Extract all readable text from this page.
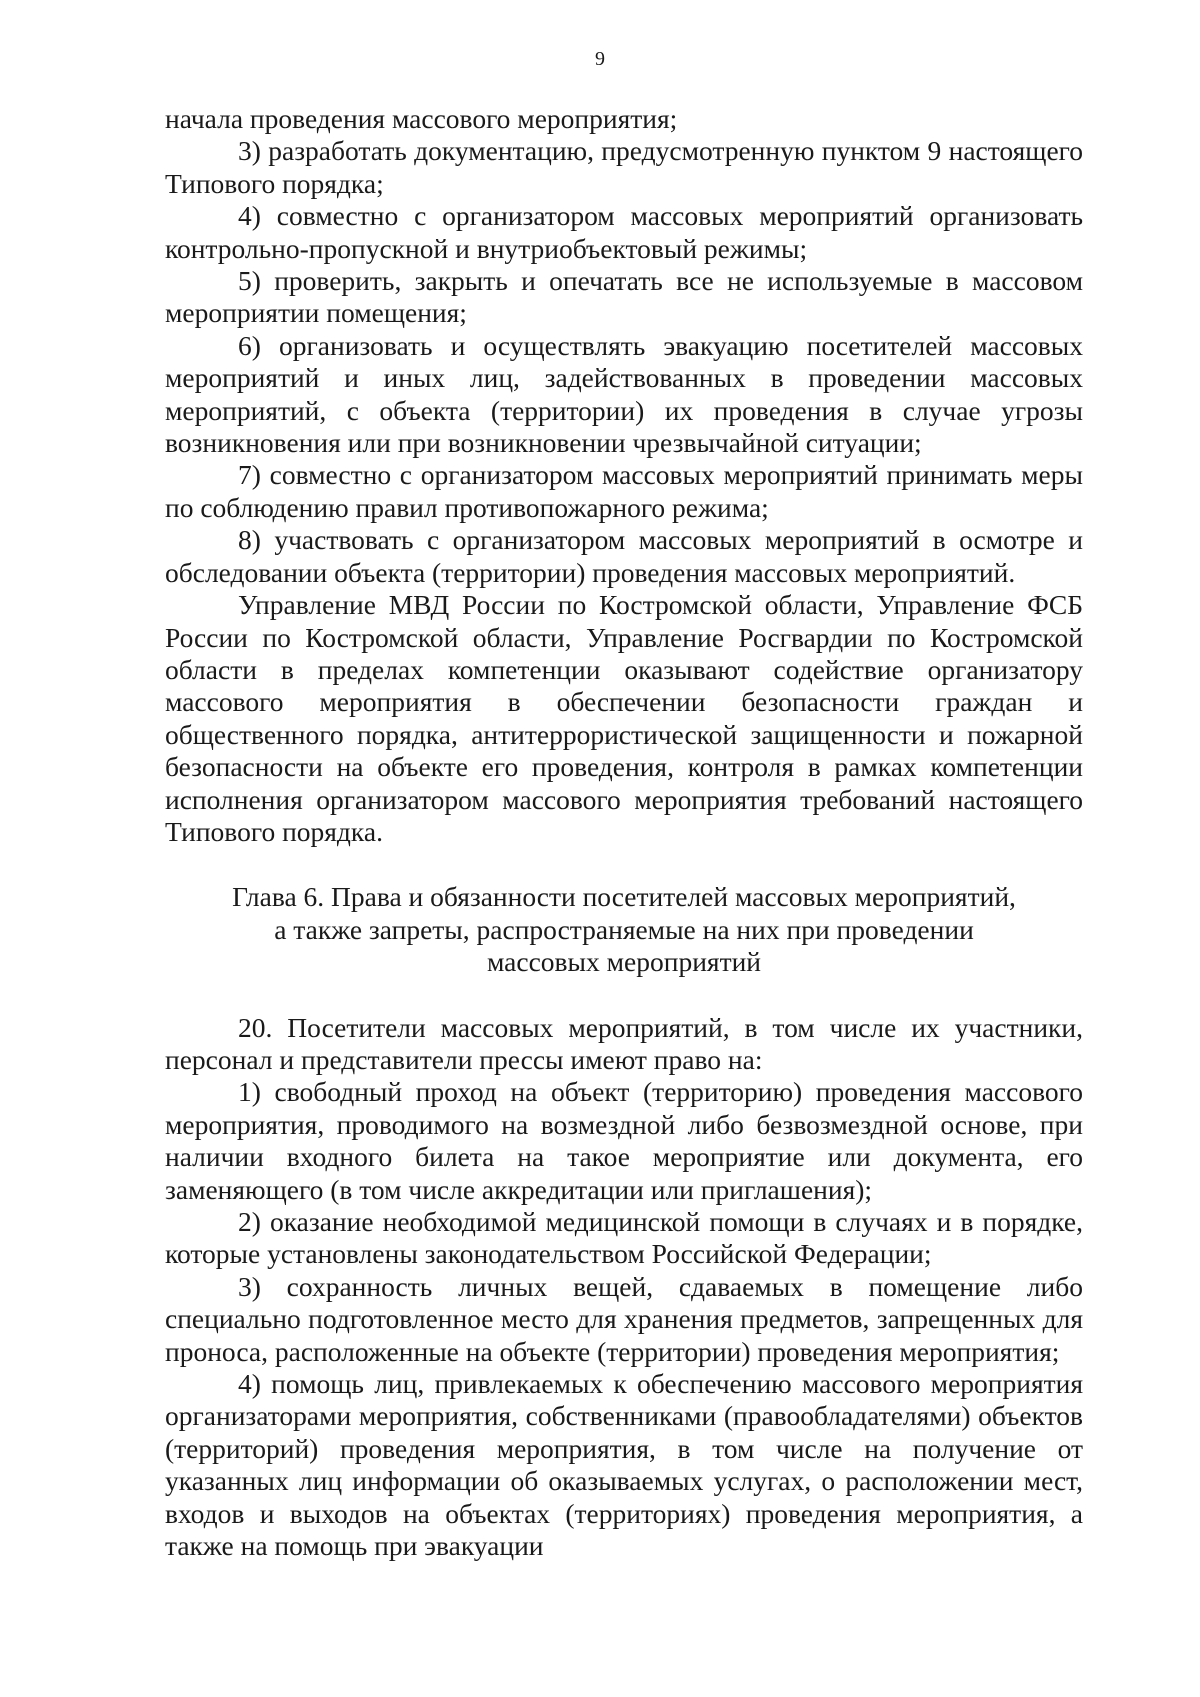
9

начала проведения массового мероприятия;

3) разработать документацию, предусмотренную пунктом 9 настоящего Типового порядка;

4) совместно с организатором массовых мероприятий организовать контрольно-пропускной и внутриобъектовый режимы;

5) проверить, закрыть и опечатать все не используемые в массовом мероприятии помещения;

6) организовать и осуществлять эвакуацию посетителей массовых мероприятий и иных лиц, задействованных в проведении массовых мероприятий, с объекта (территории) их проведения в случае угрозы возникновения или при возникновении чрезвычайной ситуации;

7) совместно с организатором массовых мероприятий принимать меры по соблюдению правил противопожарного режима;

8) участвовать с организатором массовых мероприятий в осмотре и обследовании объекта (территории) проведения массовых мероприятий.

Управление МВД России по Костромской области, Управление ФСБ России по Костромской области, Управление Росгвардии по Костромской области в пределах компетенции оказывают содействие организатору массового мероприятия в обеспечении безопасности граждан и общественного порядка, антитеррористической защищенности и пожарной безопасности на объекте его проведения, контроля в рамках компетенции исполнения организатором массового мероприятия требований настоящего Типового порядка.

Глава 6. Права и обязанности посетителей массовых мероприятий,
а также запреты, распространяемые на них при проведении
массовых мероприятий

20. Посетители массовых мероприятий, в том числе их участники, персонал и представители прессы имеют право на:

1) свободный проход на объект (территорию) проведения массового мероприятия, проводимого на возмездной либо безвозмездной основе, при наличии входного билета на такое мероприятие или документа, его заменяющего (в том числе аккредитации или приглашения);

2) оказание необходимой медицинской помощи в случаях и в порядке, которые установлены законодательством Российской Федерации;

3) сохранность личных вещей, сдаваемых в помещение либо специально подготовленное место для хранения предметов, запрещенных для проноса, расположенные на объекте (территории) проведения мероприятия;

4) помощь лиц, привлекаемых к обеспечению массового мероприятия организаторами мероприятия, собственниками (правообладателями) объектов (территорий) проведения мероприятия, в том числе на получение от указанных лиц информации об оказываемых услугах, о расположении мест, входов и выходов на объектах (территориях) проведения мероприятия, а также на помощь при эвакуации
